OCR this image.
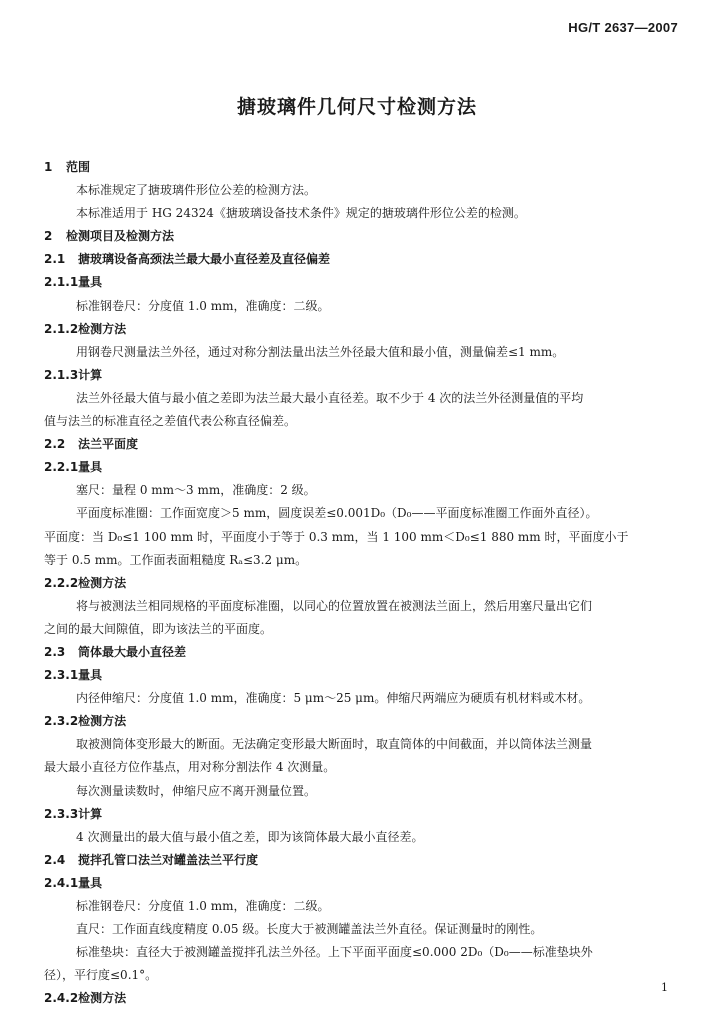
HG/T 2637—2007
搪玻璃件几何尺寸检测方法
1 范围
本标准规定了搪玻璃件形位公差的检测方法。
本标准适用于 HG 24324《搪玻璃设备技术条件》规定的搪玻璃件形位公差的检测。
2 检测项目及检测方法
2.1 搪玻璃设备高颈法兰最大最小直径差及直径偏差
2.1.1量具
标准钢卷尺：分度值 1.0 mm，准确度：二级。
2.1.2检测方法
用钢卷尺测量法兰外径，通过对称分割法量出法兰外径最大值和最小值，测量偏差≤1 mm。
2.1.3计算
法兰外径最大值与最小值之差即为法兰最大最小直径差。取不少于 4 次的法兰外径测量值的平均
值与法兰的标准直径之差值代表公称直径偏差。
2.2 法兰平面度
2.2.1量具
塞尺：量程 0 mm～3 mm，准确度：2 级。
平面度标准圈：工作面宽度＞5 mm，圆度误差≤0.001D₀（D₀——平面度标准圈工作面外直径）。
平面度：当 D₀≤1 100 mm 时，平面度小于等于 0.3 mm，当 1 100 mm＜D₀≤1 880 mm 时，平面度小于
等于 0.5 mm。工作面表面粗糙度 Rₐ≤3.2 μm。
2.2.2检测方法
将与被测法兰相同规格的平面度标准圈，以同心的位置放置在被测法兰面上，然后用塞尺量出它们
之间的最大间隙值，即为该法兰的平面度。
2.3 筒体最大最小直径差
2.3.1量具
内径伸缩尺：分度值 1.0 mm，准确度：5 μm～25 μm。伸缩尺两端应为硬质有机材料或木材。
2.3.2检测方法
取被测筒体变形最大的断面。无法确定变形最大断面时，取直筒体的中间截面，并以筒体法兰测量
最大最小直径方位作基点，用对称分割法作 4 次测量。
每次测量读数时，伸缩尺应不离开测量位置。
2.3.3计算
4 次测量出的最大值与最小值之差，即为该筒体最大最小直径差。
2.4 搅拌孔管口法兰对罐盖法兰平行度
2.4.1量具
标准钢卷尺：分度值 1.0 mm，准确度：二级。
直尺：工作面直线度精度 0.05 级。长度大于被测罐盖法兰外直径。保证测量时的刚性。
标准垫块：直径大于被测罐盖搅拌孔法兰外径。上下平面平面度≤0.000 2D₀（D₀——标准垫块外
径），平行度≤0.1°。
2.4.2检测方法
1
